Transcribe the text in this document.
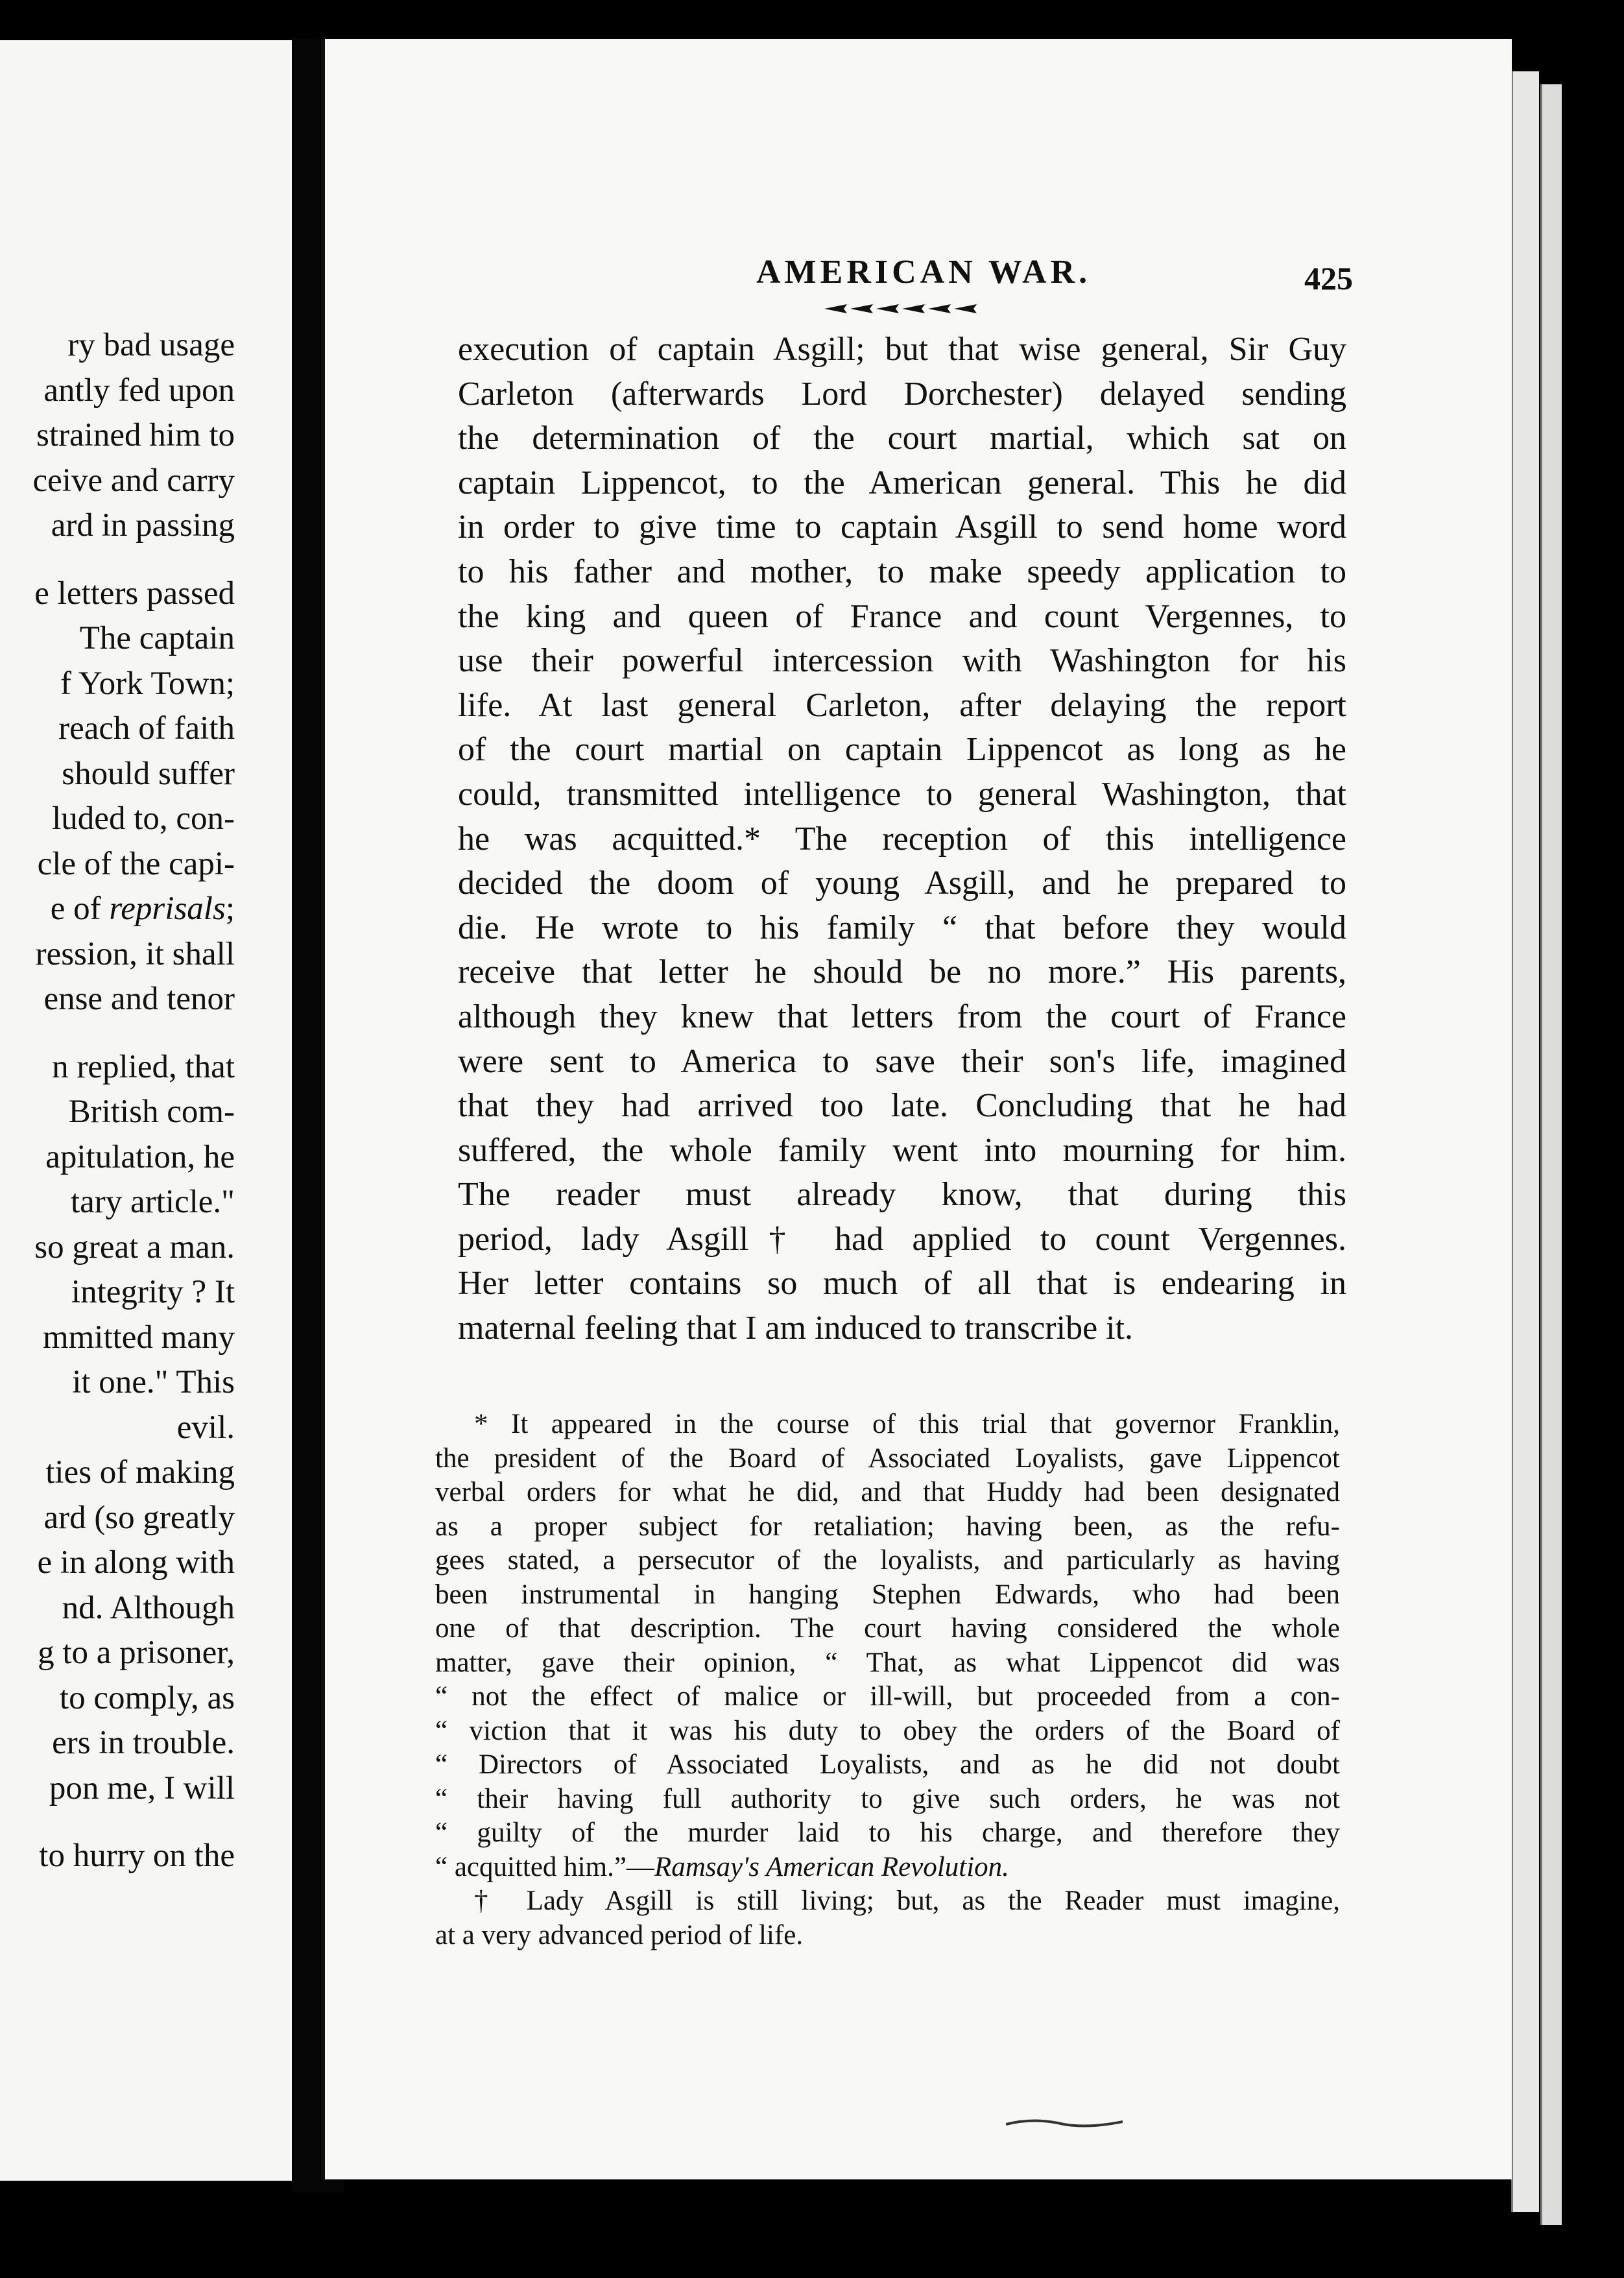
ry bad usage
antly fed upon
strained him to
ceive and carry
ard in passing
e letters passed
The captain
f York Town;
reach of faith
should suffer
luded to, con-
cle of the capi-
e of reprisals;
ression, it shall
ense and tenor
n replied, that
British com-
apitulation, he
tary article."
so great a man.
integrity ? It
mmitted many
it one." This
evil.
ties of making
ard (so greatly
e in along with
nd. Although
g to a prisoner,
to comply, as
ers in trouble.
pon me, I will
to hurry on the
AMERICAN WAR.	425
execution of captain Asgill; but that wise general, Sir Guy
Carleton (afterwards Lord Dorchester) delayed sending
the determination of the court martial, which sat on
captain Lippencot, to the American general. This he did
in order to give time to captain Asgill to send home word
to his father and mother, to make speedy application to
the king and queen of France and count Vergennes, to
use their powerful intercession with Washington for his
life. At last general Carleton, after delaying the report
of the court martial on captain Lippencot as long as he
could, transmitted intelligence to general Washington, that
he was acquitted.* The reception of this intelligence
decided the doom of young Asgill, and he prepared to
die. He wrote to his family “ that before they would
receive that letter he should be no more.” His parents,
although they knew that letters from the court of France
were sent to America to save their son's life, imagined
that they had arrived too late. Concluding that he had
suffered, the whole family went into mourning for him.
The reader must already know, that during this
period, lady Asgill† had applied to count Vergennes.
Her letter contains so much of all that is endearing in
maternal feeling that I am induced to transcribe it.
* It appeared in the course of this trial that governor Franklin,
the president of the Board of Associated Loyalists, gave Lippencot
verbal orders for what he did, and that Huddy had been designated
as a proper subject for retaliation; having been, as the refu-
gees stated, a persecutor of the loyalists, and particularly as having
been instrumental in hanging Stephen Edwards, who had been
one of that description. The court having considered the whole
matter, gave their opinion, “ That, as what Lippencot did was
“ not the effect of malice or ill-will, but proceeded from a con-
“ viction that it was his duty to obey the orders of the Board of
“ Directors of Associated Loyalists, and as he did not doubt
“ their having full authority to give such orders, he was not
“ guilty of the murder laid to his charge, and therefore they
“ acquitted him.”—Ramsay's American Revolution.
† Lady Asgill is still living; but, as the Reader must imagine,
at a very advanced period of life.
